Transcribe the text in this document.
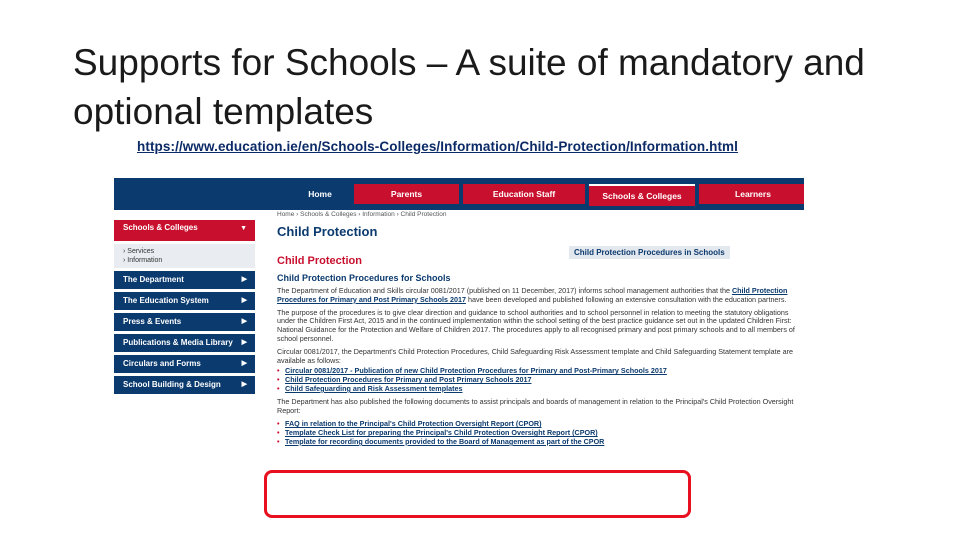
Supports for Schools – A suite of mandatory and optional templates
https://www.education.ie/en/Schools-Colleges/Information/Child-Protection/Information.html
Home	Parents	Education Staff	Schools & Colleges	Learners
Schools & Colleges	▼
› Services
› Information
The Department	▶
The Education System	▶
Press & Events	▶
Publications & Media Library ▶
Circulars and Forms	▶
School Building & Design	▶
Home › Schools & Colleges › Information › Child Protection
Child Protection
Child Protection Procedures in Schools
Child Protection
Child Protection Procedures for Schools
The Department of Education and Skills circular 0081/2017 (published on 11 December, 2017) informs school management authorities that the Child Protection Procedures for Primary and Post Primary Schools 2017 have been developed and published following an extensive consultation with the education partners.
The purpose of the procedures is to give clear direction and guidance to school authorities and to school personnel in relation to meeting the statutory obligations under the Children First Act, 2015 and in the continued implementation within the school setting of the best practice guidance set out in the updated Children First: National Guidance for the Protection and Welfare of Children 2017. The procedures apply to all recognised primary and post primary schools and to all members of school personnel.
Circular 0081/2017, the Department's Child Protection Procedures, Child Safeguarding Risk Assessment template and Child Safeguarding Statement template are available as follows:
• Circular 0081/2017 - Publication of new Child Protection Procedures for Primary and Post-Primary Schools 2017
• Child Protection Procedures for Primary and Post Primary Schools 2017
• Child Safeguarding and Risk Assessment templates
The Department has also published the following documents to assist principals and boards of management in relation to the Principal's Child Protection Oversight Report:
• FAQ in relation to the Principal's Child Protection Oversight Report (CPOR)
• Template Check List for preparing the Principal's Child Protection Oversight Report (CPOR)
• Template for recording documents provided to the Board of Management as part of the CPOR
